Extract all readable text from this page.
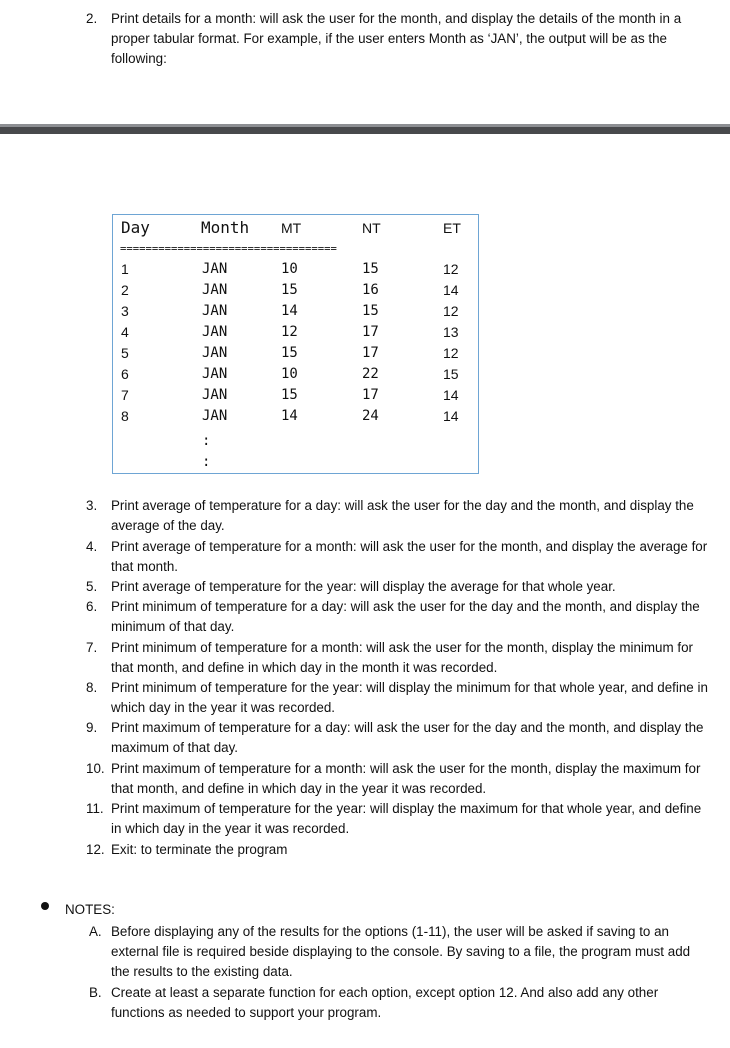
2.	Print details for a month: will ask the user for the month, and display the details of the month in a proper tabular format. For example, if the user enters Month as ‘JAN’, the output will be as the following:
Day	Month MT	NT	ET
==================================
1	JAN	10	15	12
2	JAN	15	16	14
3	JAN	14	15	12
4	JAN	12	17	13
5	JAN	15	17	12
6	JAN	10	22	15
7	JAN	15	17	14
8	JAN	14	24	14
:
:
3.	Print average of temperature for a day: will ask the user for the day and the month, and display the average of the day.
4.	Print average of temperature for a month: will ask the user for the month, and display the average for that month.
5.	Print average of temperature for the year: will display the average for that whole year.
6.	Print minimum of temperature for a day: will ask the user for the day and the month, and display the minimum of that day.
7.	Print minimum of temperature for a month: will ask the user for the month, display the minimum for that month, and define in which day in the month it was recorded.
8.	Print minimum of temperature for the year: will display the minimum for that whole year, and define in which day in the year it was recorded.
9.	Print maximum of temperature for a day: will ask the user for the day and the month, and display the maximum of that day.
10. Print maximum of temperature for a month: will ask the user for the month, display the maximum for that month, and define in which day in the year it was recorded.
11. Print maximum of temperature for the year: will display the maximum for that whole year, and define in which day in the year it was recorded.
12. Exit: to terminate the program
NOTES:
A. Before displaying any of the results for the options (1-11), the user will be asked if saving to an external file is required beside displaying to the console. By saving to a file, the program must add the results to the existing data.
B. Create at least a separate function for each option, except option 12. And also add any other functions as needed to support your program.
